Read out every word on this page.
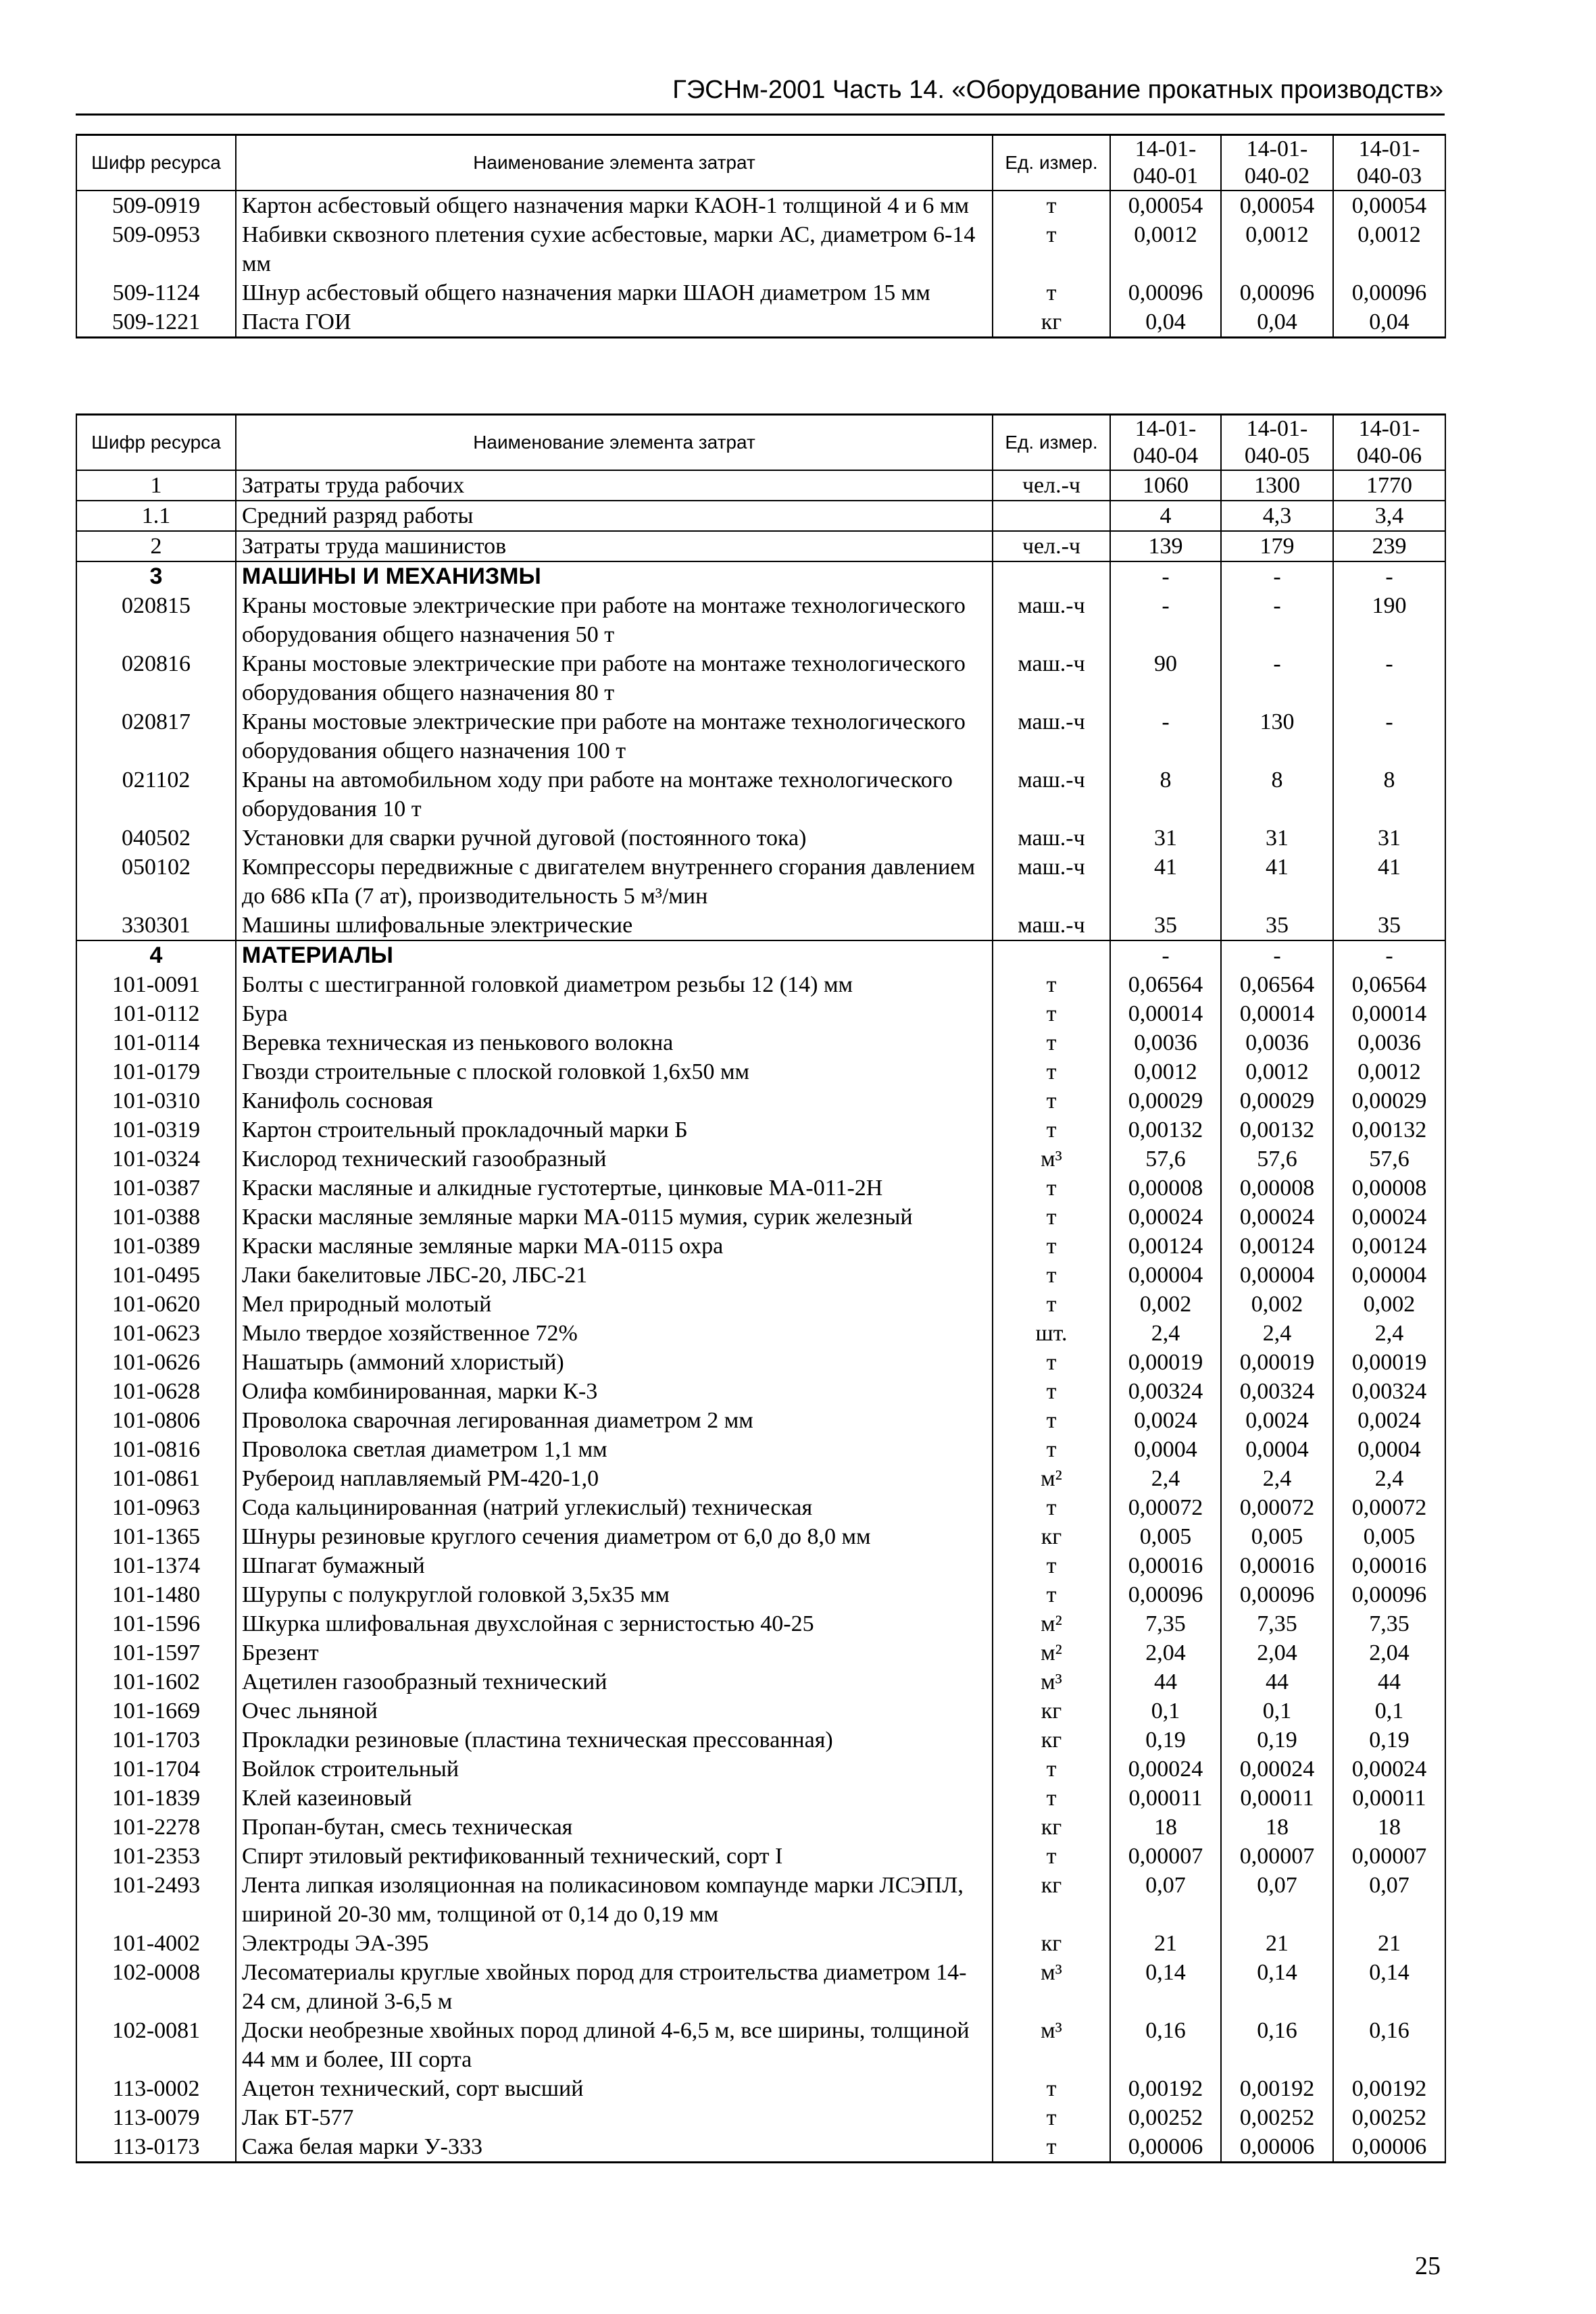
ГЭСНм-2001 Часть 14. «Оборудование прокатных производств»
Шифр ресурса	Наименование элемента затрат	Ед. измер.	14-01-040-01	14-01-040-02	14-01-040-03
509-0919	Картон асбестовый общего назначения марки КАОН-1 толщиной 4 и 6 мм	т	0,00054	0,00054	0,00054
509-0953	Набивки сквозного плетения сухие асбестовые, марки АС, диаметром 6-14 мм	т	0,0012	0,0012	0,0012
509-1124	Шнур асбестовый общего назначения марки ШАОН диаметром 15 мм	т	0,00096	0,00096	0,00096
509-1221	Паста ГОИ	кг	0,04	0,04	0,04
Шифр ресурса	Наименование элемента затрат	Ед. измер.	14-01-040-04	14-01-040-05	14-01-040-06
1	Затраты труда рабочих	чел.-ч	1060	1300	1770
1.1	Средний разряд работы		4	4,3	3,4
2	Затраты труда машинистов	чел.-ч	139	179	239
3	МАШИНЫ И МЕХАНИЗМЫ		-	-	-
020815	Краны мостовые электрические при работе на монтаже технологического оборудования общего назначения 50 т	маш.-ч	-	-	190
020816	Краны мостовые электрические при работе на монтаже технологического оборудования общего назначения 80 т	маш.-ч	90	-	-
020817	Краны мостовые электрические при работе на монтаже технологического оборудования общего назначения 100 т	маш.-ч	-	130	-
021102	Краны на автомобильном ходу при работе на монтаже технологического оборудования 10 т	маш.-ч	8	8	8
040502	Установки для сварки ручной дуговой (постоянного тока)	маш.-ч	31	31	31
050102	Компрессоры передвижные с двигателем внутреннего сгорания давлением до 686 кПа (7 ат), производительность 5 м³/мин	маш.-ч	41	41	41
330301	Машины шлифовальные электрические	маш.-ч	35	35	35
4	МАТЕРИАЛЫ		-	-	-
101-0091	Болты с шестигранной головкой диаметром резьбы 12 (14) мм	т	0,06564	0,06564	0,06564
101-0112	Бура	т	0,00014	0,00014	0,00014
101-0114	Веревка техническая из пенькового волокна	т	0,0036	0,0036	0,0036
101-0179	Гвозди строительные с плоской головкой 1,6х50 мм	т	0,0012	0,0012	0,0012
101-0310	Канифоль сосновая	т	0,00029	0,00029	0,00029
101-0319	Картон строительный прокладочный марки Б	т	0,00132	0,00132	0,00132
101-0324	Кислород технический газообразный	м³	57,6	57,6	57,6
101-0387	Краски масляные и алкидные густотертые, цинковые МА-011-2Н	т	0,00008	0,00008	0,00008
101-0388	Краски масляные земляные марки МА-0115 мумия, сурик железный	т	0,00024	0,00024	0,00024
101-0389	Краски масляные земляные марки МА-0115 охра	т	0,00124	0,00124	0,00124
101-0495	Лаки бакелитовые ЛБС-20, ЛБС-21	т	0,00004	0,00004	0,00004
101-0620	Мел природный молотый	т	0,002	0,002	0,002
101-0623	Мыло твердое хозяйственное 72%	шт.	2,4	2,4	2,4
101-0626	Нашатырь (аммоний хлористый)	т	0,00019	0,00019	0,00019
101-0628	Олифа комбинированная, марки К-3	т	0,00324	0,00324	0,00324
101-0806	Проволока сварочная легированная диаметром 2 мм	т	0,0024	0,0024	0,0024
101-0816	Проволока светлая диаметром 1,1 мм	т	0,0004	0,0004	0,0004
101-0861	Рубероид наплавляемый РМ-420-1,0	м²	2,4	2,4	2,4
101-0963	Сода кальцинированная (натрий углекислый) техническая	т	0,00072	0,00072	0,00072
101-1365	Шнуры резиновые круглого сечения диаметром от 6,0 до 8,0 мм	кг	0,005	0,005	0,005
101-1374	Шпагат бумажный	т	0,00016	0,00016	0,00016
101-1480	Шурупы с полукруглой головкой 3,5х35 мм	т	0,00096	0,00096	0,00096
101-1596	Шкурка шлифовальная двухслойная с зернистостью 40-25	м²	7,35	7,35	7,35
101-1597	Брезент	м²	2,04	2,04	2,04
101-1602	Ацетилен газообразный технический	м³	44	44	44
101-1669	Очес льняной	кг	0,1	0,1	0,1
101-1703	Прокладки резиновые (пластина техническая прессованная)	кг	0,19	0,19	0,19
101-1704	Войлок строительный	т	0,00024	0,00024	0,00024
101-1839	Клей казеиновый	т	0,00011	0,00011	0,00011
101-2278	Пропан-бутан, смесь техническая	кг	18	18	18
101-2353	Спирт этиловый ректификованный технический, сорт I	т	0,00007	0,00007	0,00007
101-2493	Лента липкая изоляционная на поликасиновом компаунде марки ЛСЭПЛ, шириной 20-30 мм, толщиной от 0,14 до 0,19 мм	кг	0,07	0,07	0,07
101-4002	Электроды ЭА-395	кг	21	21	21
102-0008	Лесоматериалы круглые хвойных пород для строительства диаметром 14-24 см, длиной 3-6,5 м	м³	0,14	0,14	0,14
102-0081	Доски необрезные хвойных пород длиной 4-6,5 м, все ширины, толщиной 44 мм и более, III сорта	м³	0,16	0,16	0,16
113-0002	Ацетон технический, сорт высший	т	0,00192	0,00192	0,00192
113-0079	Лак БТ-577	т	0,00252	0,00252	0,00252
113-0173	Сажа белая марки У-333	т	0,00006	0,00006	0,00006
25
